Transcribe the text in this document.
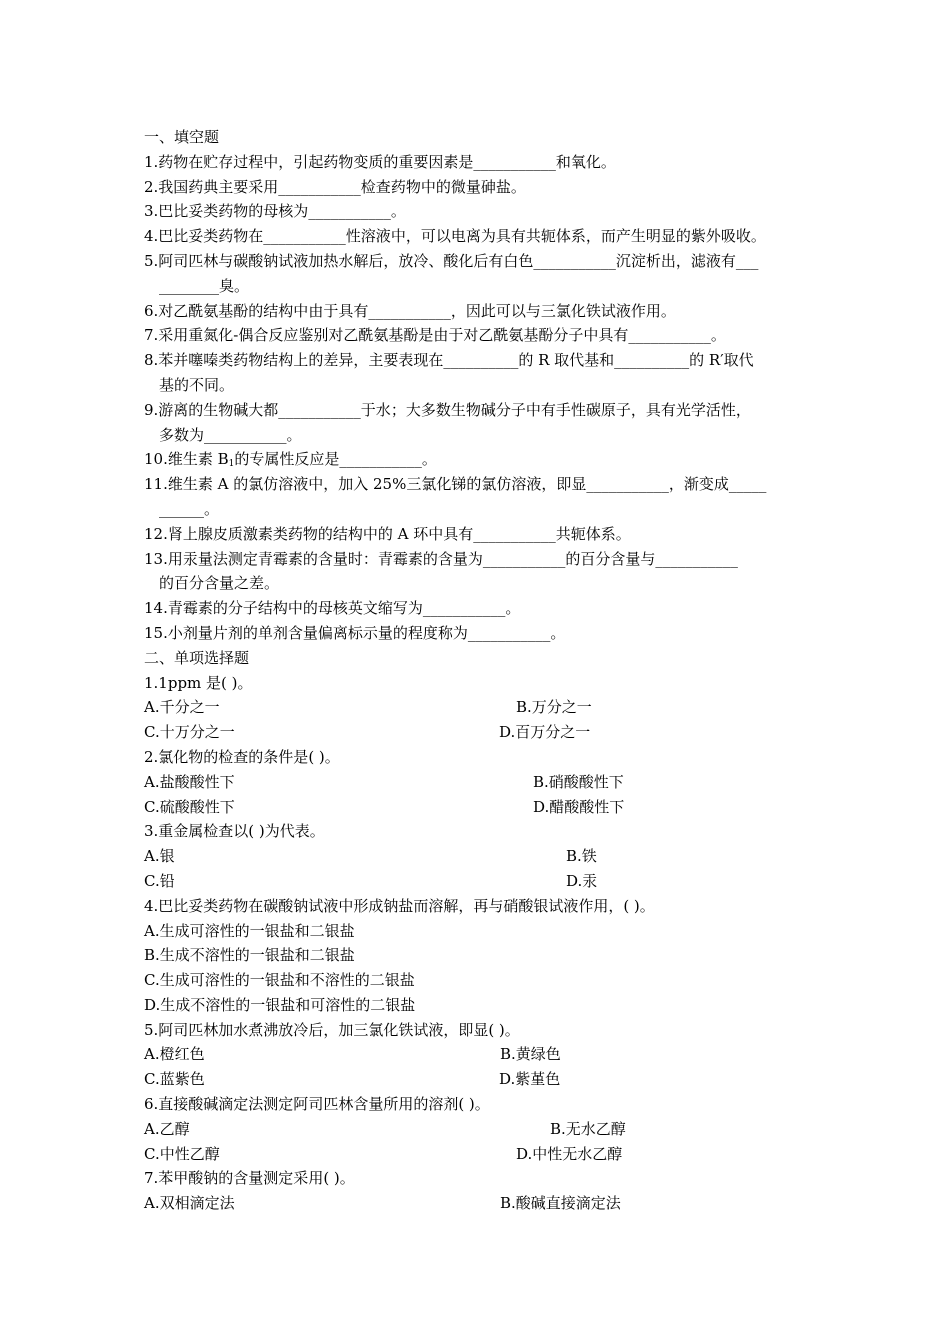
一、填空题
1.药物在贮存过程中，引起药物变质的重要因素是___________和氧化。
2.我国药典主要采用___________检查药物中的微量砷盐。
3.巴比妥类药物的母核为___________。
4.巴比妥类药物在___________性溶液中，可以电离为具有共轭体系，而产生明显的紫外吸收。
5.阿司匹林与碳酸钠试液加热水解后，放冷、酸化后有白色___________沉淀析出，滤液有___
________臭。
6.对乙酰氨基酚的结构中由于具有___________，因此可以与三氯化铁试液作用。
7.采用重氮化-偶合反应鉴别对乙酰氨基酚是由于对乙酰氨基酚分子中具有___________。
8.苯并噻嗪类药物结构上的差异，主要表现在__________的 R 取代基和__________的 R′取代
基的不同。
9.游离的生物碱大都___________于水；大多数生物碱分子中有手性碳原子，具有光学活性，
多数为___________。
10.维生素 $B_1$的专属性反应是___________。
11.维生素 A 的氯仿溶液中，加入 25%三氯化锑的氯仿溶液，即显___________，渐变成_____
______。
12.肾上腺皮质激素类药物的结构中的 A 环中具有___________共轭体系。
13.用汞量法测定青霉素的含量时：青霉素的含量为___________的百分含量与___________
的百分含量之差。
14.青霉素的分子结构中的母核英文缩写为___________。
15.小剂量片剂的单剂含量偏离标示量的程度称为___________。
二、单项选择题
1.1ppm 是( )。
A.千分之一	B.万分之一
C.十万分之一	D.百万分之一
2.氯化物的检查的条件是( )。
A.盐酸酸性下	B.硝酸酸性下
C.硫酸酸性下	D.醋酸酸性下
3.重金属检查以( )为代表。
A.银	B.铁
C.铅	D.汞
4.巴比妥类药物在碳酸钠试液中形成钠盐而溶解，再与硝酸银试液作用，( )。
A.生成可溶性的一银盐和二银盐
B.生成不溶性的一银盐和二银盐
C.生成可溶性的一银盐和不溶性的二银盐
D.生成不溶性的一银盐和可溶性的二银盐
5.阿司匹林加水煮沸放冷后，加三氯化铁试液，即显( )。
A.橙红色	B.黄绿色
C.蓝紫色	D.紫堇色
6.直接酸碱滴定法测定阿司匹林含量所用的溶剂( )。
A.乙醇	B.无水乙醇
C.中性乙醇	D.中性无水乙醇
7.苯甲酸钠的含量测定采用( )。
A.双相滴定法	B.酸碱直接滴定法
